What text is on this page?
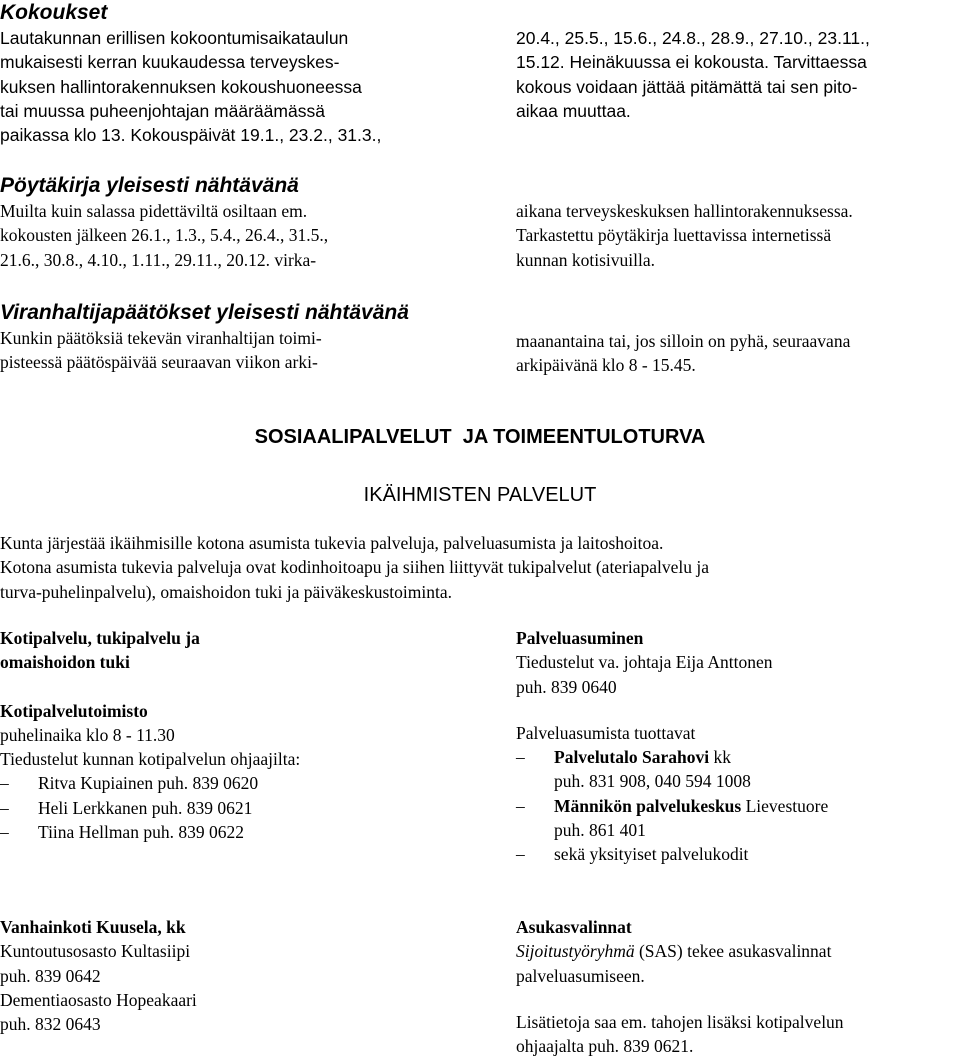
Kokoukset
Lautakunnan erillisen kokoontumisaikataulun
mukaisesti kerran kuukaudessa terveyskes-
kuksen hallintorakennuksen kokoushuoneessa
tai muussa puheenjohtajan määräämässä
paikassa klo 13. Kokouspäivät 19.1., 23.2., 31.3.,
20.4., 25.5., 15.6., 24.8., 28.9., 27.10., 23.11.,
15.12. Heinäkuussa ei kokousta. Tarvittaessa
kokous voidaan jättää pitämättä tai sen pito-
aikaa muuttaa.
Pöytäkirja yleisesti nähtävänä
Muilta kuin salassa pidettäviltä osiltaan em.
kokousten jälkeen 26.1., 1.3., 5.4., 26.4., 31.5.,
21.6., 30.8., 4.10., 1.11., 29.11., 20.12. virka-
aikana terveyskeskuksen hallintorakennuksessa.
Tarkastettu pöytäkirja luettavissa internetissä
kunnan kotisivuilla.
Viranhaltijapäätökset yleisesti nähtävänä
Kunkin päätöksiä tekevän viranhaltijan toimi-
pisteessä päätöspäivää seuraavan viikon arki-
maanantaina tai, jos silloin on pyhä, seuraavana
arkipäivänä klo 8 - 15.45.
SOSIAALIPALVELUT  JA TOIMEENTULOTURVA
IKÄIHMISTEN PALVELUT
Kunta järjestää ikäihmisille kotona asumista tukevia palveluja, palveluasumista ja laitoshoitoa.
Kotona asumista tukevia palveluja ovat kodinhoitoapu ja siihen liittyvät tukipalvelut (ateriapalvelu ja
turva-puhelinpalvelu), omaishoidon tuki ja päiväkeskustoiminta.
Kotipalvelu, tukipalvelu ja
omaishoidon tuki
Kotipalvelutoimisto
puhelinaika klo 8 - 11.30
Tiedustelut kunnan kotipalvelun ohjaajilta:
– Ritva Kupiainen puh. 839 0620
– Heli Lerkkanen puh. 839 0621
– Tiina Hellman puh. 839 0622
Palveluasuminen
Tiedustelut va. johtaja Eija Anttonen
puh. 839 0640
Palveluasumista tuottavat
– Palvelutalo Sarahovi kk
puh. 831 908, 040 594 1008
– Männikön palvelukeskus Lievestuore
puh. 861 401
– sekä yksityiset palvelukodit
Vanhainkoti Kuusela, kk
Kuntoutusosasto Kultasiipi
puh. 839 0642
Dementiaosasto Hopeakaari
puh. 832 0643
Asukasvalinnat
Sijoitustyöryhmä (SAS) tekee asukasvalinnat
palveluasumiseen.
Lisätietoja saa em. tahojen lisäksi kotipalvelun
ohjaajalta puh. 839 0621.
